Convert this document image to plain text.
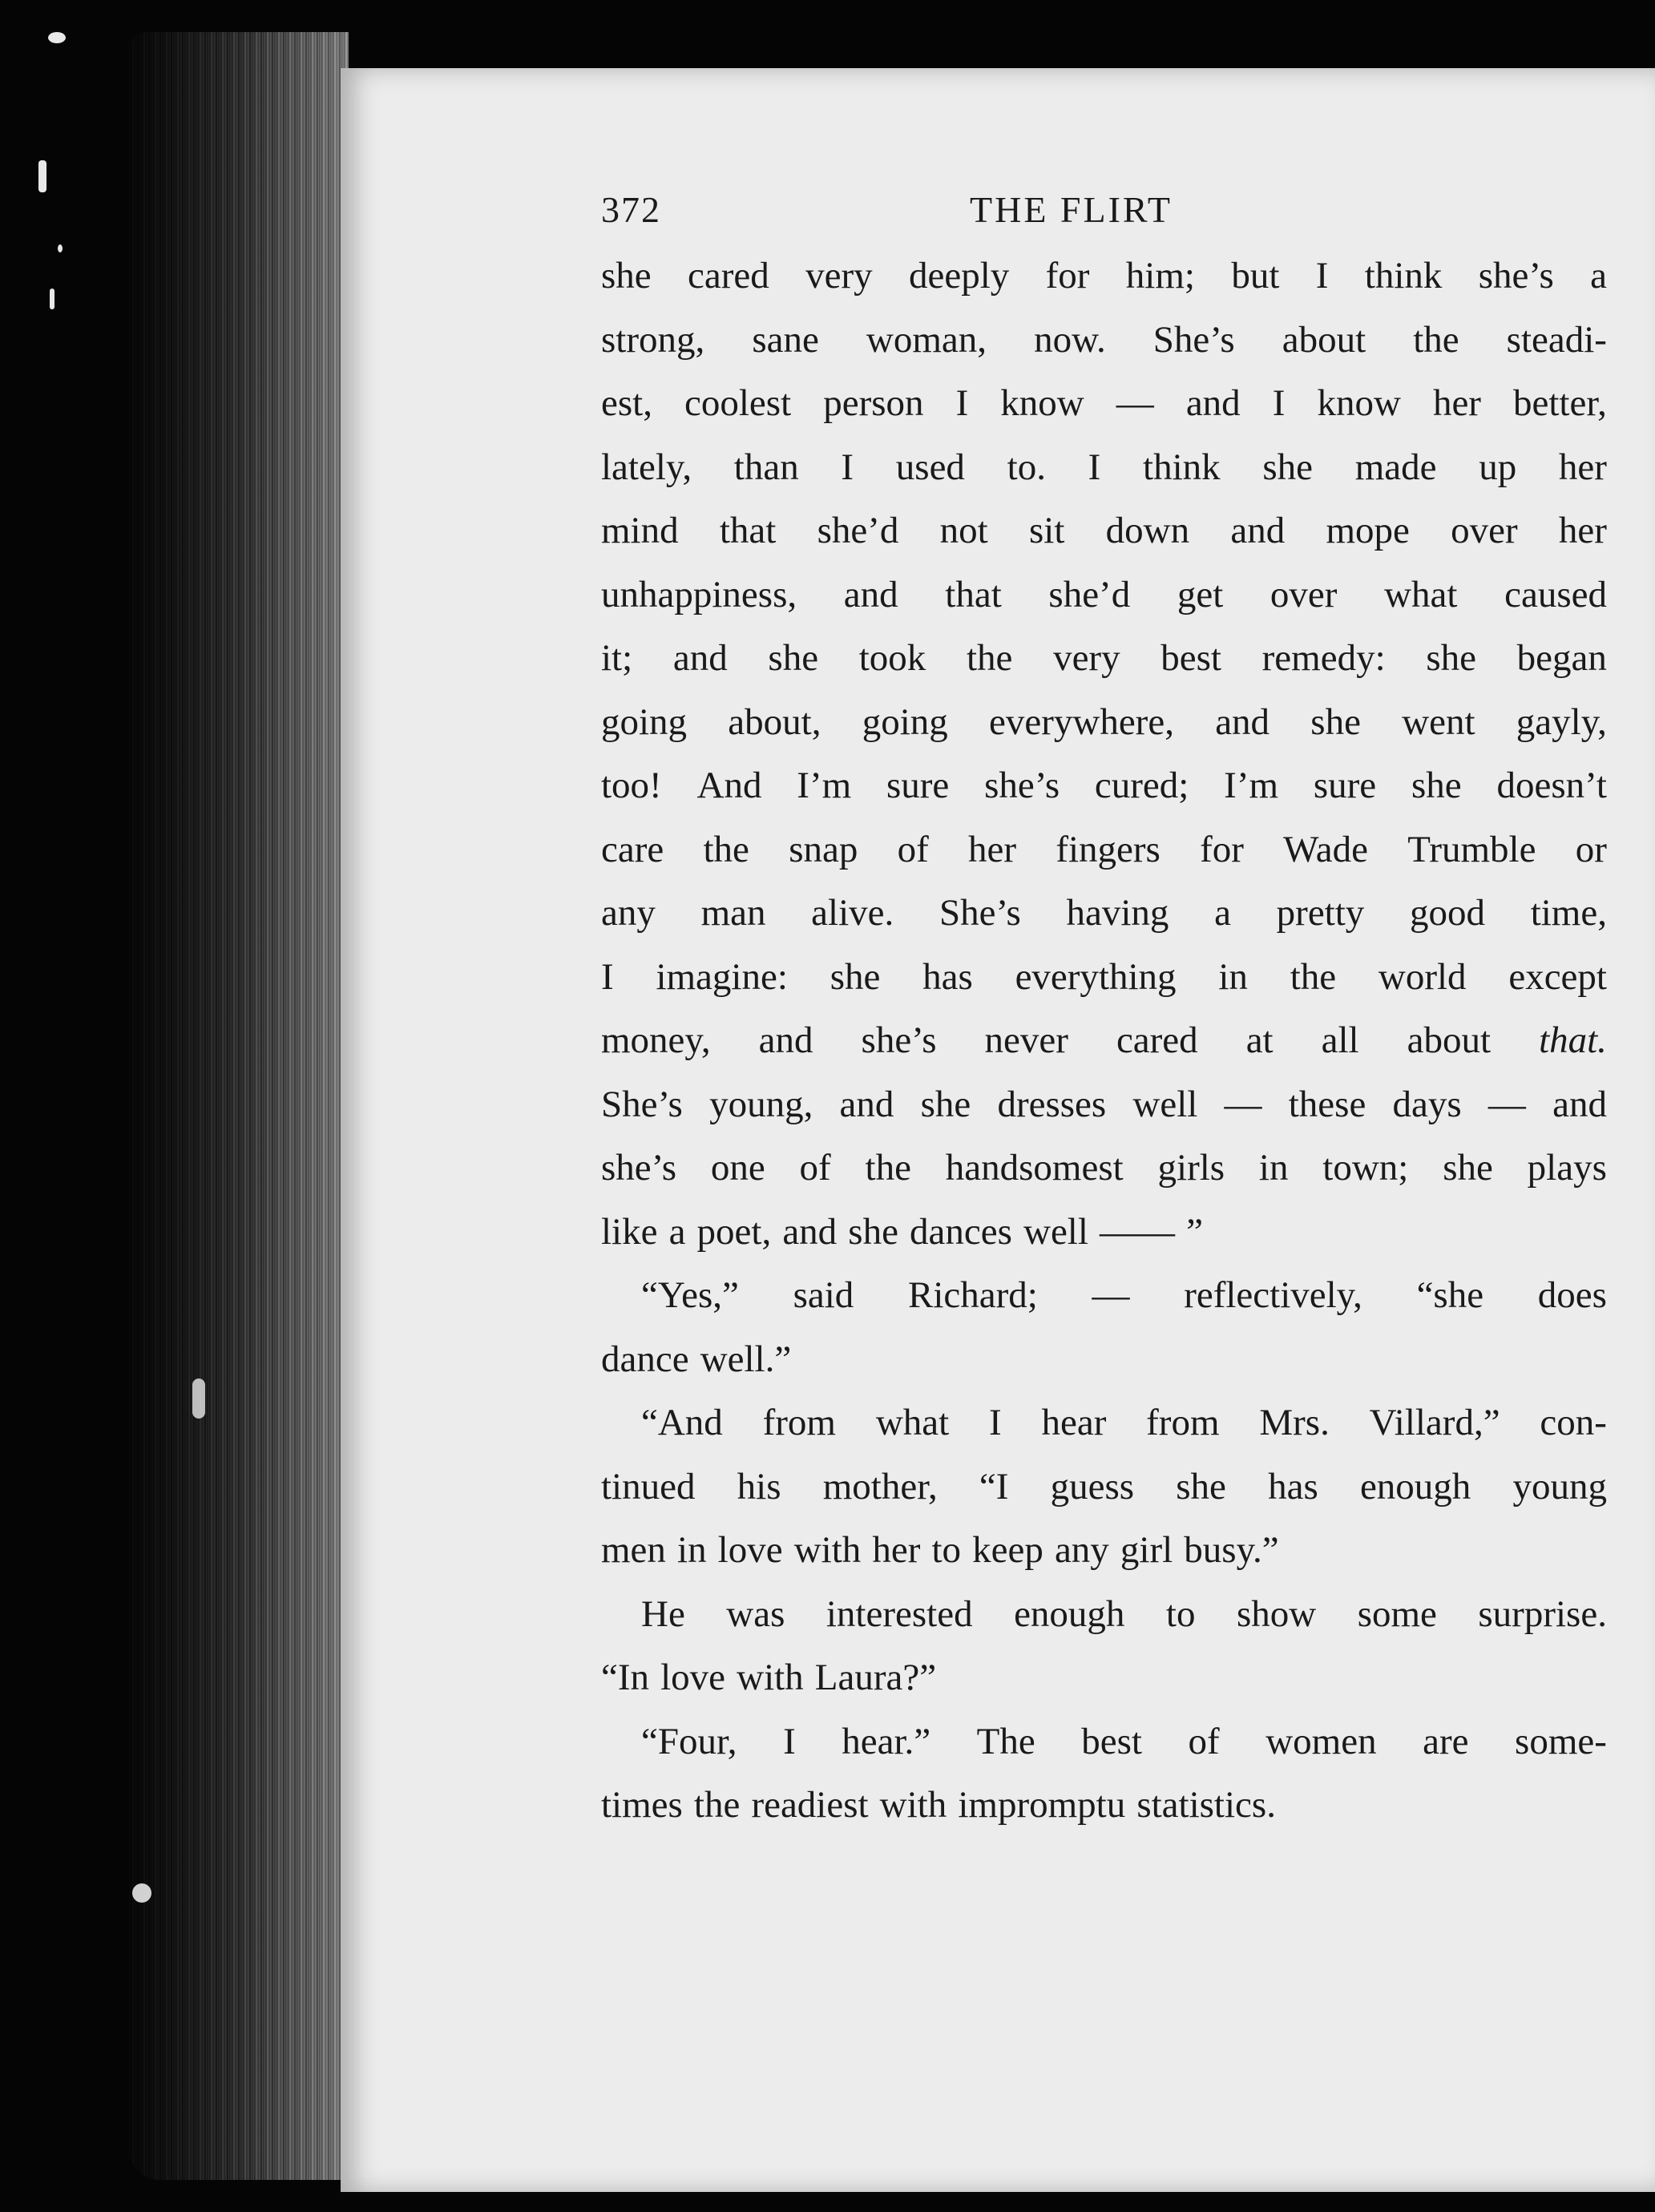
372	THE FLIRT
she cared very deeply for him; but I think she’s a
strong, sane woman, now. She’s about the steadi-
est, coolest person I know — and I know her better,
lately, than I used to. I think she made up her
mind that she’d not sit down and mope over her
unhappiness, and that she’d get over what caused
it; and she took the very best remedy: she began
going about, going everywhere, and she went gayly,
too! And I’m sure she’s cured; I’m sure she doesn’t
care the snap of her fingers for Wade Trumble or
any man alive. She’s having a pretty good time,
I imagine: she has everything in the world except
money, and she’s never cared at all about that.
She’s young, and she dresses well — these days — and
she’s one of the handsomest girls in town; she plays
like a poet, and she dances well —— ”
“Yes,” said Richard; — reflectively, “she does
dance well.”
“And from what I hear from Mrs. Villard,” con-
tinued his mother, “I guess she has enough young
men in love with her to keep any girl busy.”
He was interested enough to show some surprise.
“In love with Laura?”
“Four, I hear.” The best of women are some-
times the readiest with impromptu statistics.
